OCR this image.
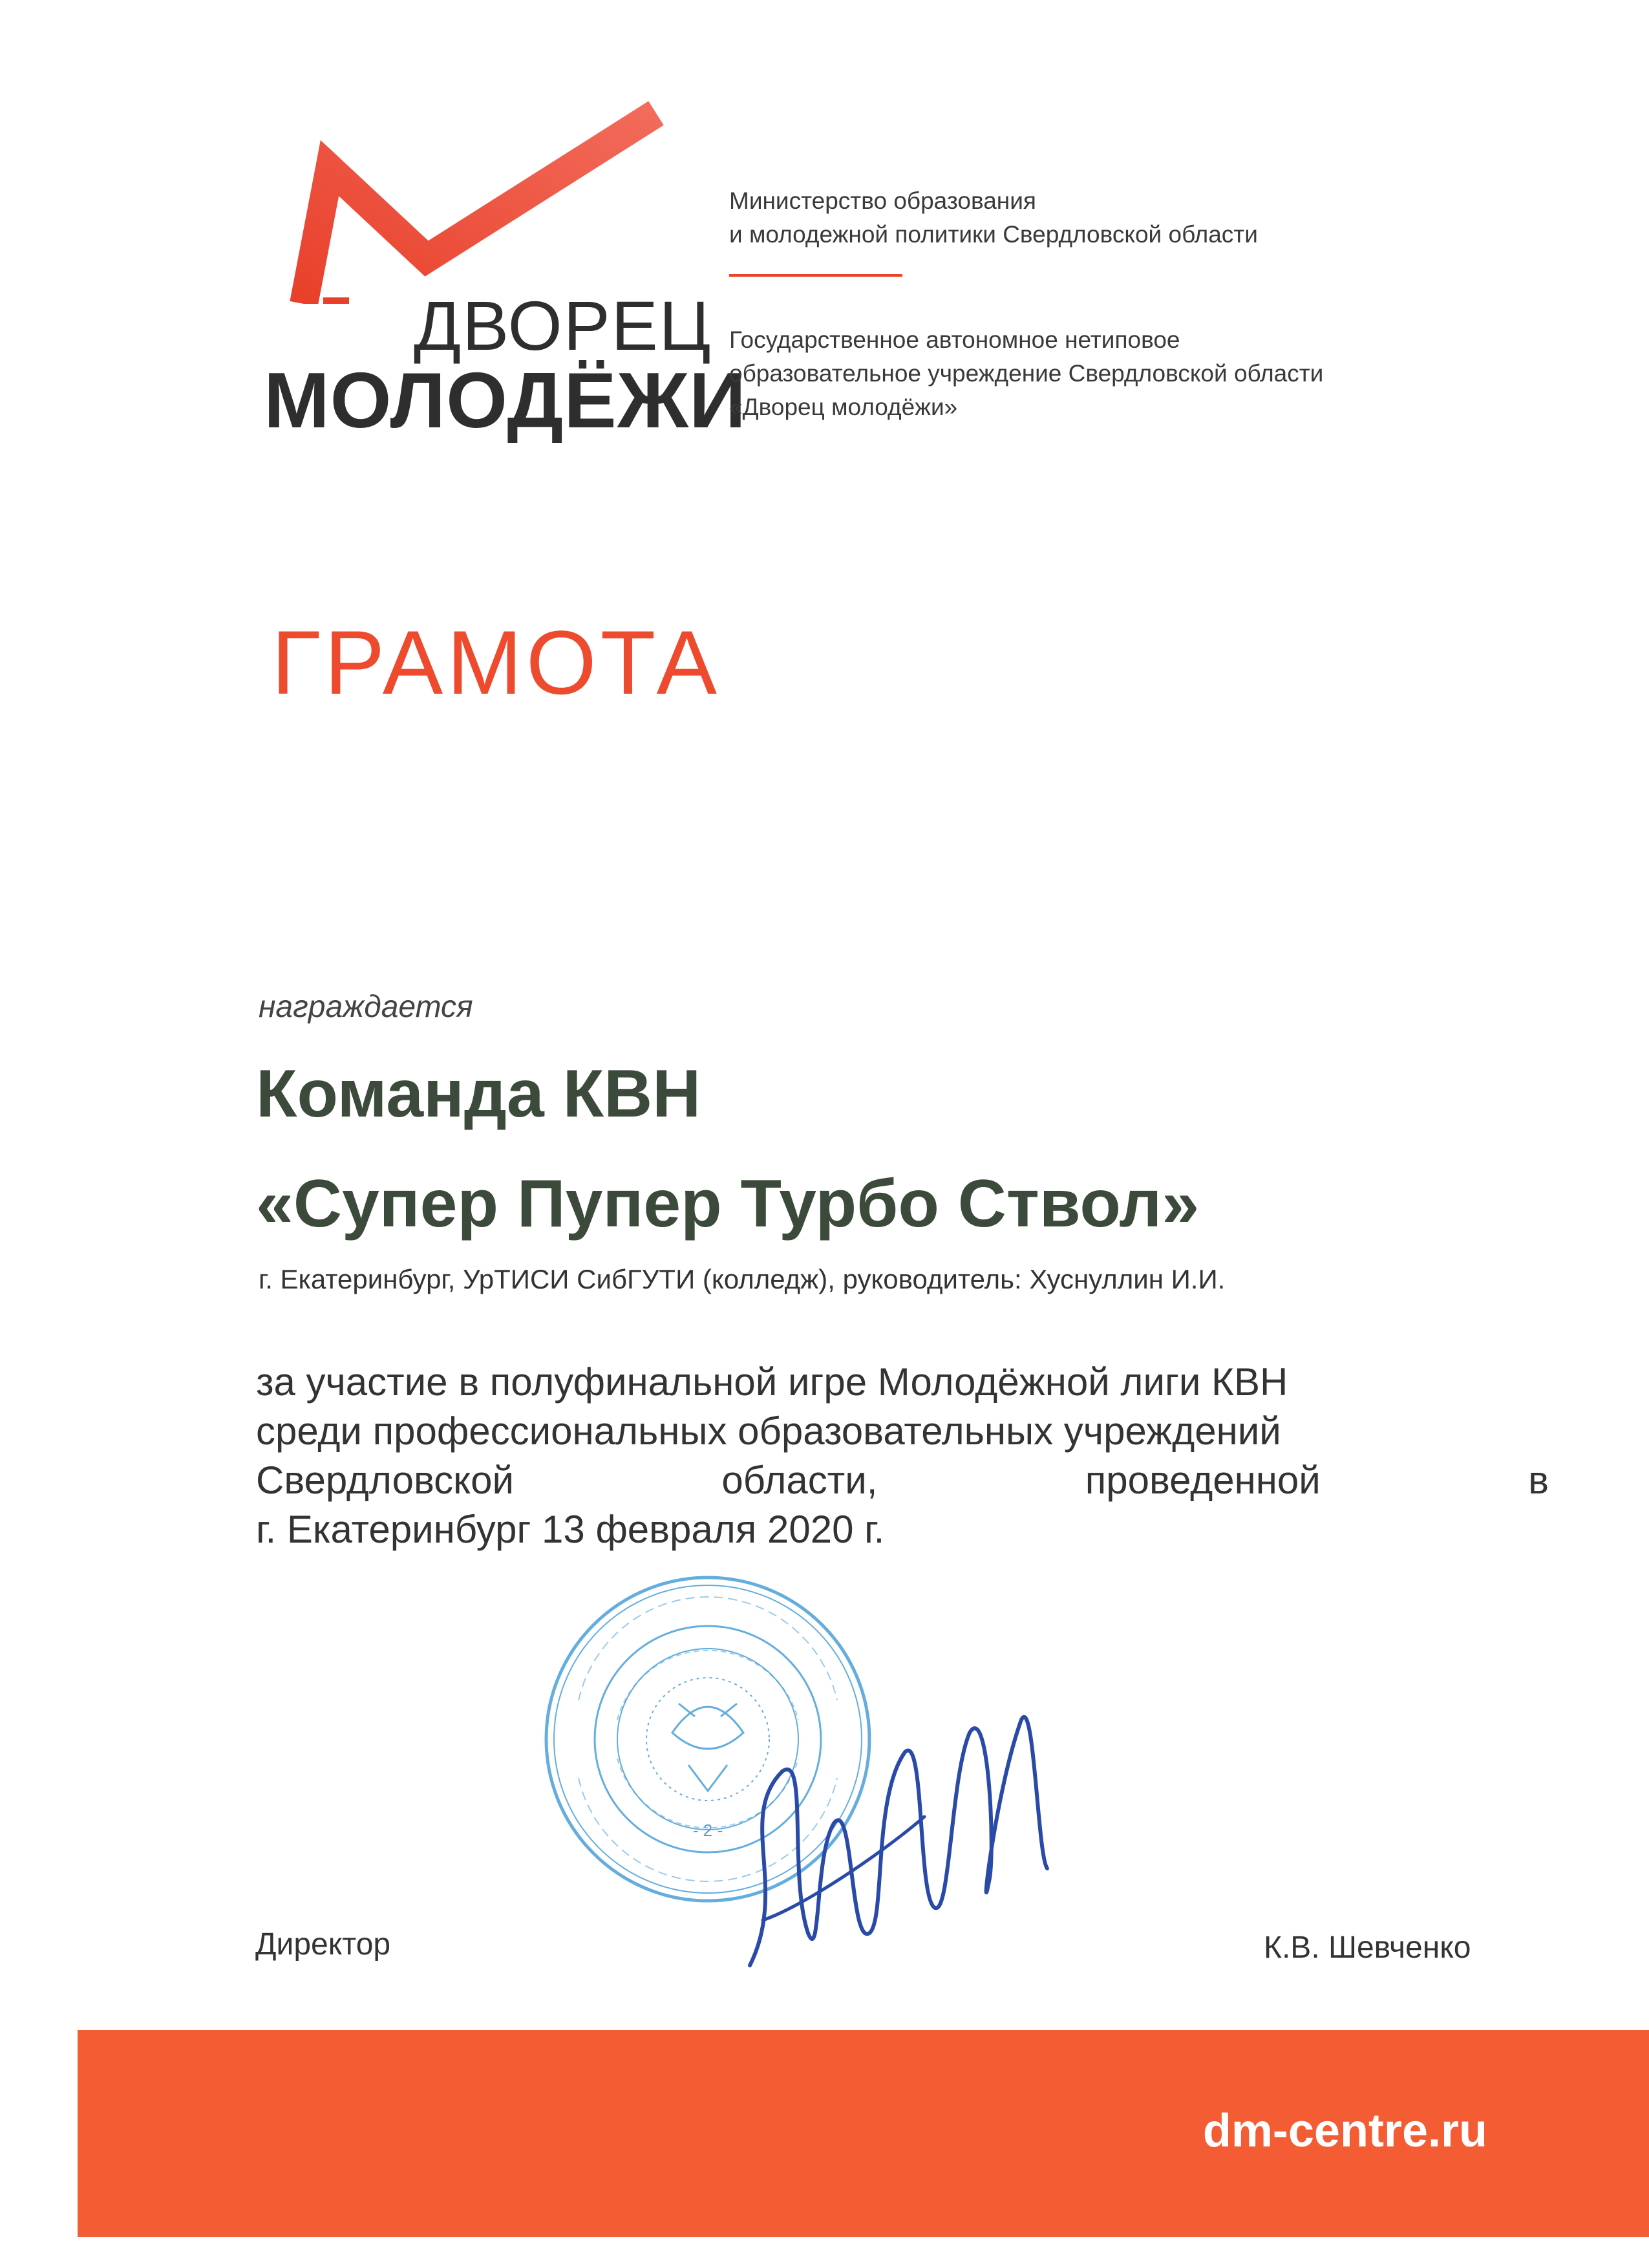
ДВОРЕЦ
МОЛОДЁЖИ
Министерство образования
и молодежной политики Свердловской области
Государственное автономное нетиповое
образовательное учреждение Свердловской области
«Дворец молодёжи»
ГРАМОТА
награждается
Команда КВН
«Супер Пупер Турбо Ствол»
г. Екатеринбург, УрТИСИ СибГУТИ (колледж), руководитель: Хуснуллин И.И.
за участие в полуфинальной игре Молодёжной лиги КВН
среди профессиональных образовательных учреждений
Свердловской области, проведенной в
г. Екатеринбург 13 февраля 2020 г.
- 2 -
Директор	К.В. Шевченко
dm-centre.ru
